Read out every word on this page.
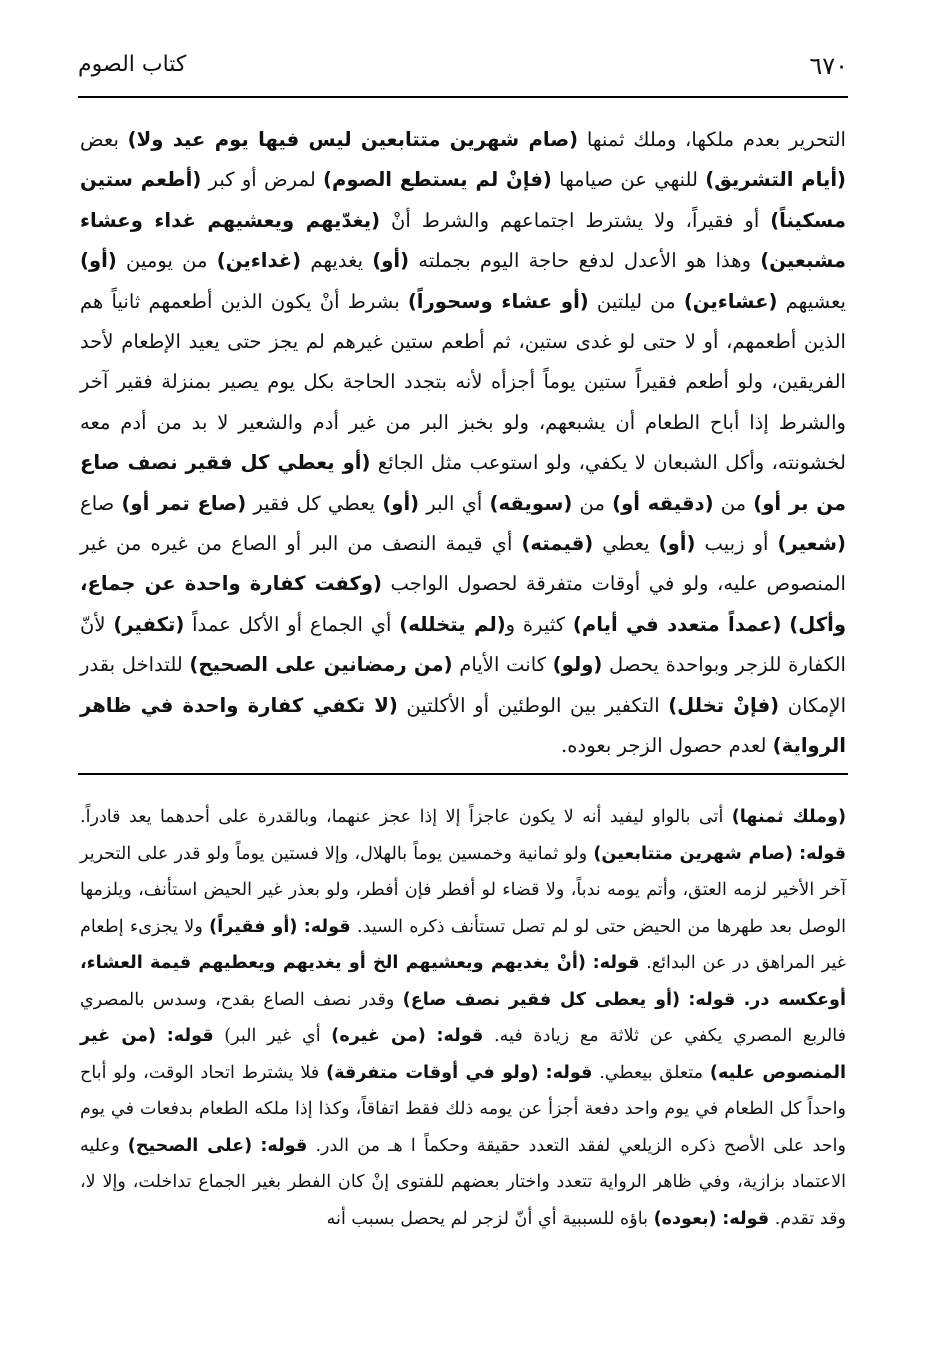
٦٧٠
كتاب الصوم

التحرير بعدم ملكها، وملك ثمنها (صام شهرين متتابعين ليس فيها يوم عيد ولا) بعض (أيام التشريق) للنهي عن صيامها (فإنْ لم يستطع الصوم) لمرض أو كبر (أطعم ستين مسكيناً) أو فقيراً، ولا يشترط اجتماعهم والشرط أنْ (يغدّيهم ويعشيهم غداء وعشاء مشبعين) وهذا هو الأعدل لدفع حاجة اليوم بجملته (أو) يغديهم (غداءين) من يومين (أو) يعشيهم (عشاءين) من ليلتين (أو عشاء وسحوراً) بشرط أنْ يكون الذين أطعمهم ثانياً هم الذين أطعمهم، أو لا حتى لو غدى ستين، ثم أطعم ستين غيرهم لم يجز حتى يعيد الإطعام لأحد الفريقين، ولو أطعم فقيراً ستين يوماً أجزأه لأنه بتجدد الحاجة بكل يوم يصير بمنزلة فقير آخر والشرط إذا أباح الطعام أن يشبعهم، ولو بخبز البر من غير أدم والشعير لا بد من أدم معه لخشونته، وأكل الشبعان لا يكفي، ولو استوعب مثل الجائع (أو يعطي كل فقير نصف صاع من بر أو) من (دقيقه أو) من (سويقه) أي البر (أو) يعطي كل فقير (صاع تمر أو) صاع (شعير) أو زبيب (أو) يعطي (قيمته) أي قيمة النصف من البر أو الصاع من غيره من غير المنصوص عليه، ولو في أوقات متفرقة لحصول الواجب (وكفت كفارة واحدة عن جماع، وأكل) (عمداً متعدد في أيام) كثيرة و(لم يتخلله) أي الجماع أو الأكل عمداً (تكفير) لأنّ الكفارة للزجر وبواحدة يحصل (ولو) كانت الأيام (من رمضانين على الصحيح) للتداخل بقدر الإمكان (فإنْ تخلل) التكفير بين الوطئين أو الأكلتين (لا تكفي كفارة واحدة في ظاهر الرواية) لعدم حصول الزجر بعوده.

(وملك ثمنها) أتى بالواو ليفيد أنه لا يكون عاجزاً إلا إذا عجز عنهما، وبالقدرة على أحدهما يعد قادراً. قوله: (صام شهرين متتابعين) ولو ثمانية وخمسين يوماً بالهلال، وإلا فستين يوماً ولو قدر على التحرير آخر الأخير لزمه العتق، وأتم يومه ندباً، ولا قضاء لو أفطر فإن أفطر، ولو بعذر غير الحيض استأنف، ويلزمها الوصل بعد طهرها من الحيض حتى لو لم تصل تستأنف ذكره السيد. قوله: (أو فقيراً) ولا يجزىء إطعام غير المراهق در عن البدائع. قوله: (أنْ يغديهم ويعشيهم الخ أو يغديهم ويعطيهم قيمة العشاء، أوعكسه در. قوله: (أو يعطى كل فقير نصف صاع) وقدر نصف الصاع بقدح، وسدس بالمصري فالربع المصري يكفي عن ثلاثة مع زيادة فيه. قوله: (من غيره) أي غير البر) قوله: (من غير المنصوص عليه) متعلق بيعطي. قوله: (ولو في أوقات متفرقة) فلا يشترط اتحاد الوقت، ولو أباح واحداً كل الطعام في يوم واحد دفعة أجزأ عن يومه ذلك فقط اتفاقاً، وكذا إذا ملكه الطعام بدفعات في يوم واحد على الأصح ذكره الزيلعي لفقد التعدد حقيقة وحكماً ا هـ من الدر. قوله: (على الصحيح) وعليه الاعتماد بزازية، وفي ظاهر الرواية تتعدد واختار بعضهم للفتوى إنْ كان الفطر بغير الجماع تداخلت، وإلا لا، وقد تقدم. قوله: (بعوده) باؤه للسببية أي أنّ لزجر لم يحصل بسبب أنه
